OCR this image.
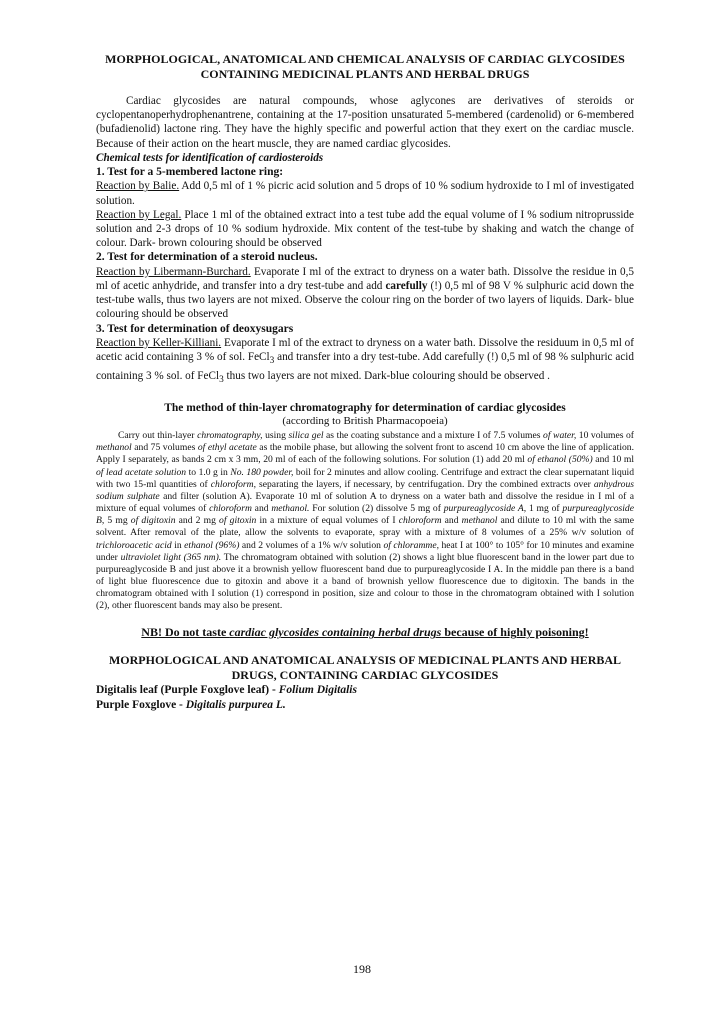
MORPHOLOGICAL, ANATOMICAL AND CHEMICAL ANALYSIS OF CARDIAC GLYCOSIDES CONTAINING MEDICINAL PLANTS AND HERBAL DRUGS

Cardiac glycosides are natural compounds, whose aglycones are derivatives of steroids or cyclopentanoperhydrophenantrene, containing at the 17-position unsaturated 5-membered (cardenolid) or 6-membered (bufadienolid) lactone ring. They have the highly specific and powerful action that they exert on the cardiac muscle. Because of their action on the heart muscle, they are named cardiac glycosides.

Chemical tests for identification of cardiosteroids

1. Test for a 5-membered lactone ring:

Reaction by Balie. Add 0,5 ml of 1 % picric acid solution and 5 drops of 10 % sodium hydroxide to I ml of investigated solution.

Reaction by Legal. Place 1 ml of the obtained extract into a test tube add the equal volume of I % sodium nitroprusside solution and 2-3 drops of 10 % sodium hydroxide. Mix content of the test-tube by shaking and watch the change of colour. Dark- brown colouring should be observed

2. Test for determination of a steroid nucleus.

Reaction by Libermann-Burchard. Evaporate I ml of the extract to dryness on a water bath. Dissolve the residue in 0,5 ml of acetic anhydride, and transfer into a dry test-tube and add carefully (!) 0,5 ml of 98 V % sulphuric acid down the test-tube walls, thus two layers are not mixed. Observe the colour ring on the border of two layers of liquids. Dark- blue colouring should be observed

3. Test for determination of deoxysugars

Reaction by Keller-Killiani. Evaporate I ml of the extract to dryness on a water bath. Dissolve the residuum in 0,5 ml of acetic acid containing 3 % of sol. FeCl$_3$ and transfer into a dry test-tube. Add carefully (!) 0,5 ml of 98 % sulphuric acid containing 3 % sol. of FeCl$_3$ thus two layers are not mixed. Dark-blue colouring should be observed .

The method of thin-layer chromatography for determination of cardiac glycosides
(according to British Pharmacopoeia)

Carry out thin-layer chromatography, using silica gel as the coating substance and a mixture I of 7.5 volumes of water, 10 volumes of methanol and 75 volumes of ethyl acetate as the mobile phase, but allowing the solvent front to ascend 10 cm above the line of application. Apply I separately, as bands 2 cm x 3 mm, 20 ml of each of the following solutions. For solution (1) add 20 ml of ethanol (50%) and 10 ml of lead acetate solution to 1.0 g in No. 180 powder, boil for 2 minutes and allow cooling. Centrifuge and extract the clear supernatant liquid with two 15-ml quantities of chloroform, separating the layers, if necessary, by centrifugation. Dry the combined extracts over anhydrous sodium sulphate and filter (solution A). Evaporate 10 ml of solution A to dryness on a water bath and dissolve the residue in I ml of a mixture of equal volumes of chloroform and methanol. For solution (2) dissolve 5 mg of purpureaglycoside A, 1 mg of purpureaglycoside B, 5 mg of digitoxin and 2 mg of gitoxin in a mixture of equal volumes of I chloroform and methanol and dilute to 10 ml with the same solvent. After removal of the plate, allow the solvents to evaporate, spray with a mixture of 8 volumes of a 25% w/v solution of trichloroacetic acid in ethanol (96%) and 2 volumes of a 1% w/v solution of chloramme, heat I at 100° to 105° for 10 minutes and examine under ultraviolet light (365 nm). The chromatogram obtained with solution (2) shows a light blue fluorescent band in the lower part due to purpureaglycoside B and just above it a brownish yellow fluorescent band due to purpureaglycoside I A. In the middle pan there is a band of light blue fluorescence due to gitoxin and above it a band of brownish yellow fluorescence due to digitoxin. The bands in the chromatogram obtained with I solution (1) correspond in position, size and colour to those in the chromatogram obtained with I solution (2), other fluorescent bands may also be present.

NB! Do not taste cardiac glycosides containing herbal drugs because of highly poisoning!
MORPHOLOGICAL AND ANATOMICAL ANALYSIS OF MEDICINAL PLANTS AND HERBAL DRUGS, CONTAINING CARDIAC GLYCOSIDES

Digitalis leaf (Purple Foxglove leaf) - Folium Digitalis

Purple Foxglove - Digitalis purpurea L.

198
